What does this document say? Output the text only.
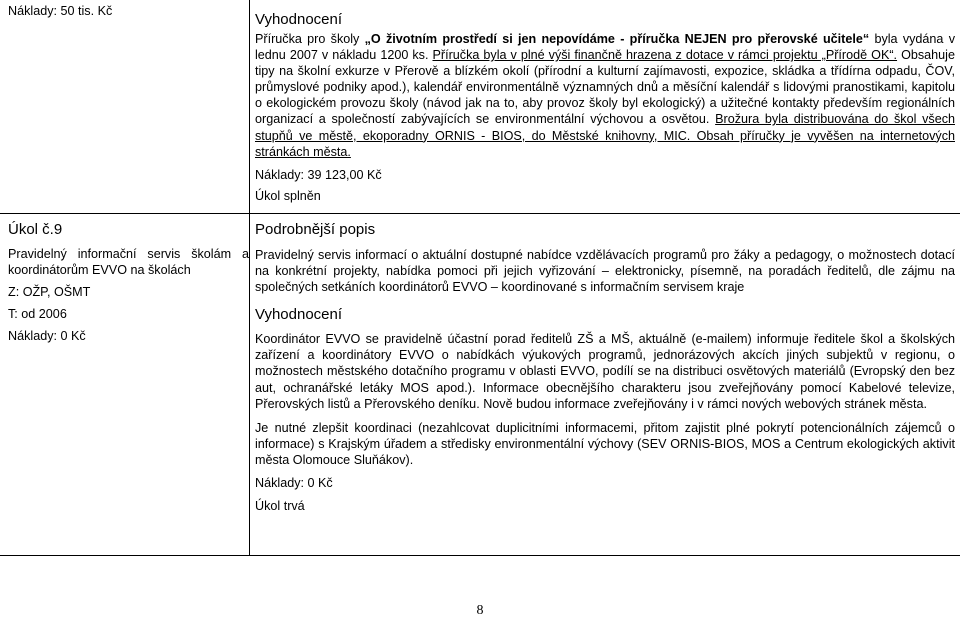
Náklady: 50 tis. Kč	Vyhodnocení

Příručka pro školy „O životním prostředí si jen nepovídáme - příručka NEJEN pro přerovské učitele“ byla vydána v lednu 2007 v nákladu 1200 ks. Příručka byla v plné výši finančně hrazena z dotace v rámci projektu „Přírodě OK“. Obsahuje tipy na školní exkurze v Přerově a blízkém okolí (přírodní a kulturní zajímavosti, expozice, skládka a třídírna odpadu, ČOV, průmyslové podniky apod.), kalendář environmentálně významných dnů a měsíční kalendář s lidovými pranostikami, kapitolu o ekologickém provozu školy (návod jak na to, aby provoz školy byl ekologický) a užitečné kontakty především regionálních organizací a společností zabývajících se environmentální výchovou a osvětou. Brožura byla distribuována do škol všech stupňů ve městě, ekoporadny ORNIS - BIOS, do Městské knihovny, MIC. Obsah příručky je vyvěšen na internetových stránkách města.

Náklady: 39 123,00 Kč

Úkol splněn

Úkol č.9

Pravidelný informační servis školám a koordinátorům EVVO na školách

Z: OŽP, OŠMT

T: od 2006

Náklady: 0 Kč

Podrobnější popis

Pravidelný servis informací o aktuální dostupné nabídce vzdělávacích programů pro žáky a pedagogy, o možnostech dotací na konkrétní projekty, nabídka pomoci při jejich vyřizování – elektronicky, písemně, na poradách ředitelů, dle zájmu na společných setkáních koordinátorů EVVO – koordinované s informačním servisem kraje

Vyhodnocení

Koordinátor EVVO se pravidelně účastní porad ředitelů ZŠ a MŠ, aktuálně (e-mailem) informuje ředitele škol a školských zařízení a koordinátory EVVO o nabídkách výukových programů, jednorázových akcích jiných subjektů v regionu, o možnostech městského dotačního programu v oblasti EVVO, podílí se na distribuci osvětových materiálů (Evropský den bez aut, ochranářské letáky MOS apod.). Informace obecnějšího charakteru jsou zveřejňovány pomocí Kabelové televize, Přerovských listů a Přerovského deníku. Nově budou informace zveřejňovány i v rámci nových webových stránek města.

Je nutné zlepšit koordinaci (nezahlcovat duplicitními informacemi, přitom zajistit plné pokrytí potencionálních zájemců o informace) s Krajským úřadem a středisky environmentální výchovy (SEV ORNIS-BIOS, MOS a Centrum ekologických aktivit města Olomouce Sluňákov).

Náklady: 0 Kč

Úkol trvá

8
